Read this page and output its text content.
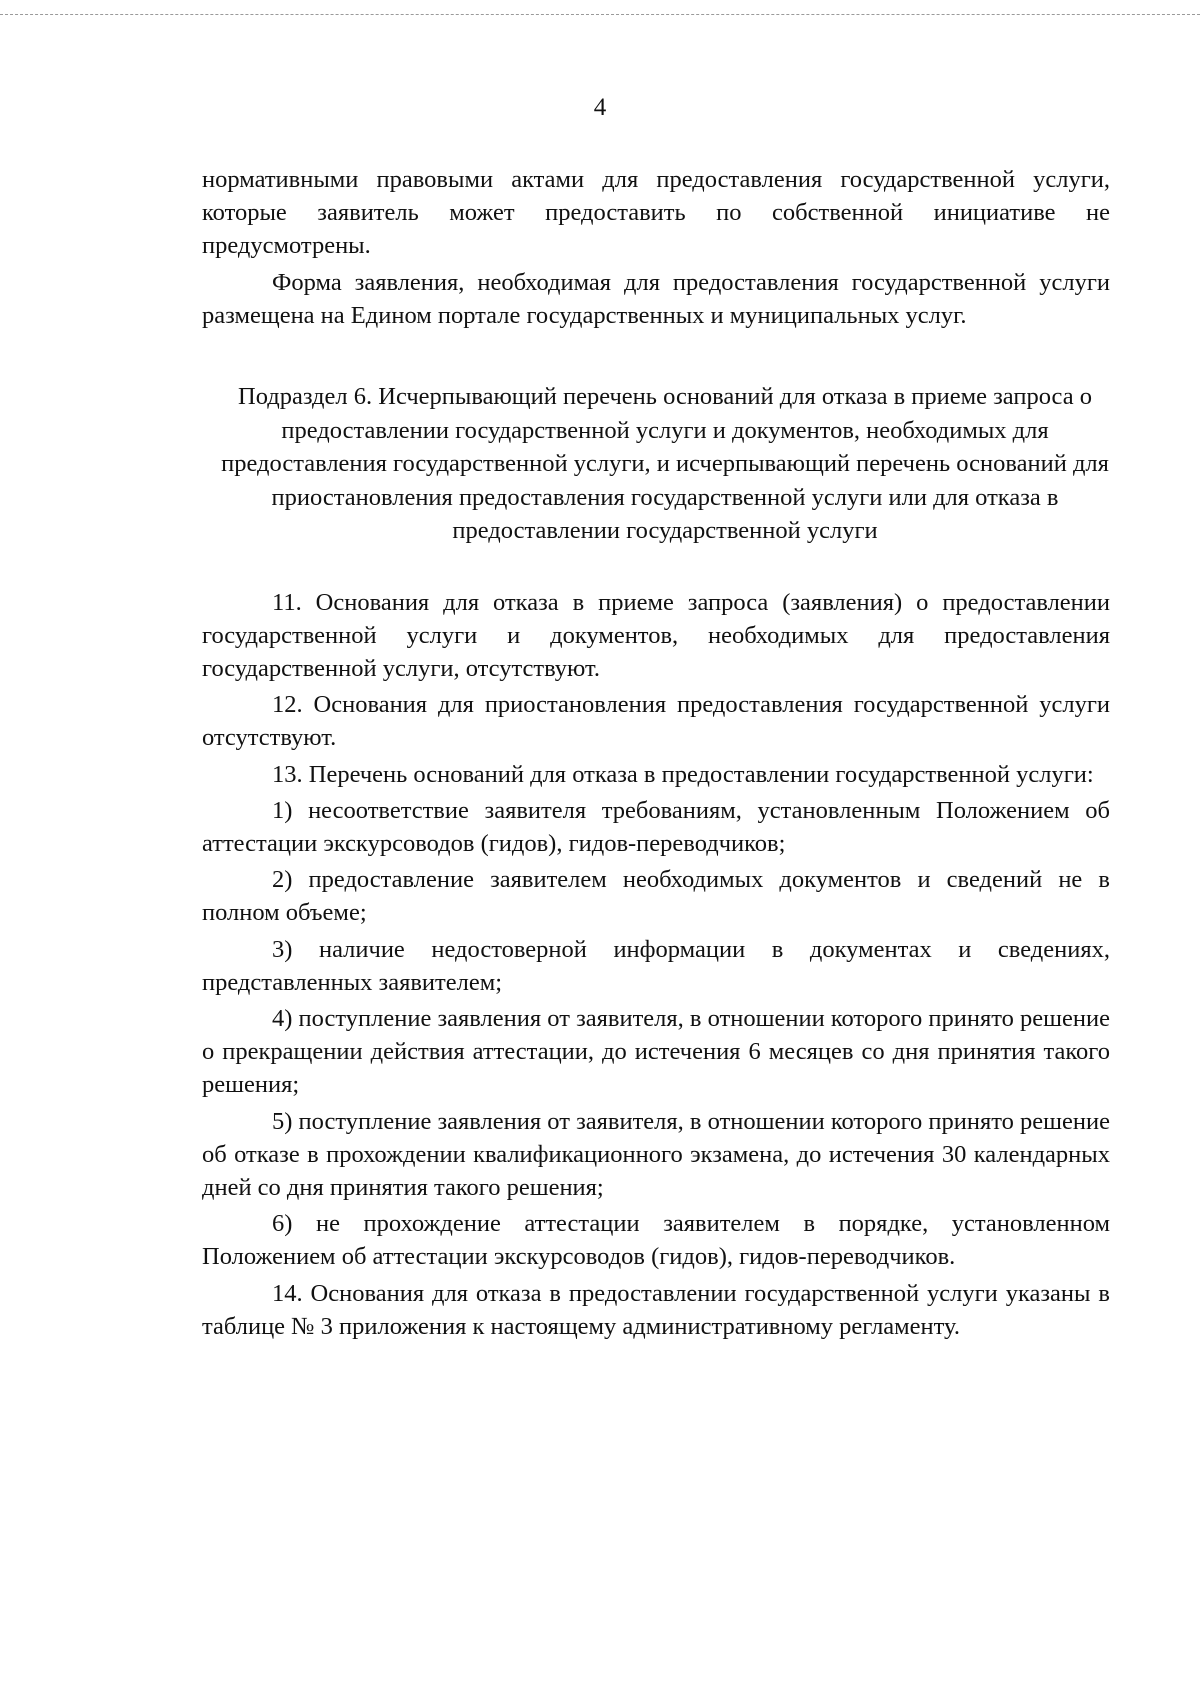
4

нормативными правовыми актами для предоставления государственной услуги, которые заявитель может предоставить по собственной инициативе не предусмотрены.

Форма заявления, необходимая для предоставления государственной услуги размещена на Едином портале государственных и муниципальных услуг.

Подраздел 6. Исчерпывающий перечень оснований для отказа в приеме запроса о предоставлении государственной услуги и документов, необходимых для предоставления государственной услуги, и исчерпывающий перечень оснований для приостановления предоставления государственной услуги или для отказа в предоставлении государственной услуги

11. Основания для отказа в приеме запроса (заявления) о предоставлении государственной услуги и документов, необходимых для предоставления государственной услуги, отсутствуют.

12. Основания для приостановления предоставления государственной услуги отсутствуют.

13. Перечень оснований для отказа в предоставлении государственной услуги:

1) несоответствие заявителя требованиям, установленным Положением об аттестации экскурсоводов (гидов), гидов-переводчиков;

2) предоставление заявителем необходимых документов и сведений не в полном объеме;

3) наличие недостоверной информации в документах и сведениях, представленных заявителем;

4) поступление заявления от заявителя, в отношении которого принято решение о прекращении действия аттестации, до истечения 6 месяцев со дня принятия такого решения;

5) поступление заявления от заявителя, в отношении которого принято решение об отказе в прохождении квалификационного экзамена, до истечения 30 календарных дней со дня принятия такого решения;

6) не прохождение аттестации заявителем в порядке, установленном Положением об аттестации экскурсоводов (гидов), гидов-переводчиков.

14. Основания для отказа в предоставлении государственной услуги указаны в таблице № 3 приложения к настоящему административному регламенту.
